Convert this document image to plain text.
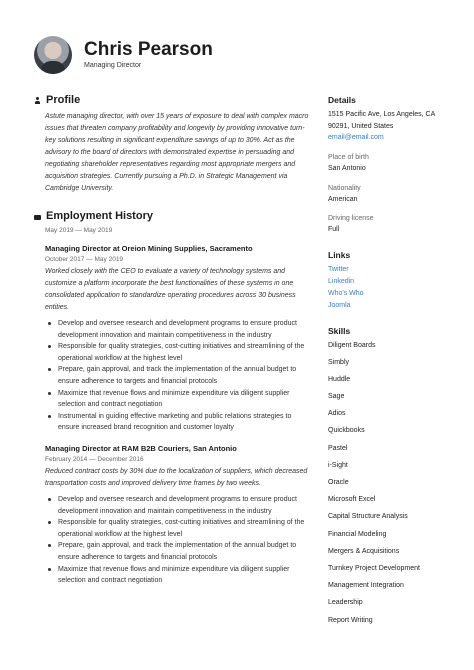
Chris Pearson
Managing Director
Profile

Astute managing director, with over 15 years of exposure to deal with complex macro issues that threaten company profitability and longevity by providing innovative turn-key solutions resulting in significant expenditure savings of up to 30%. Act as the advisory to the board of directors with demonstrated expertise in persuading and negotiating shareholder representatives regarding most appropriate mergers and acquisition strategies. Currently pursuing a Ph.D. in Strategic Management via Cambridge University.

Employment History
May 2019 — May 2019
Managing Director at Oreion Mining Supplies, Sacramento
October 2017 — May 2019

Worked closely with the CEO to evaluate a variety of technology systems and customize a platform incorporate the best functionalities of these systems in one consolidated application to standardize operating procedures across 30 business entities.

Develop and oversee research and development programs to ensure product development innovation and maintain competitiveness in the industry
Responsible for quality strategies, cost-cutting initiatives and streamlining of the operational workflow at the highest level
Prepare, gain approval, and track the implementation of the annual budget to ensure adherence to targets and financial protocols
Maximize that revenue flows and minimize expenditure via diligent supplier selection and contract negotiation
Instrumental in guiding effective marketing and public relations strategies to ensure increased brand recognition and customer loyalty
Managing Director at RAM B2B Couriers, San Antonio
February 2014 — December 2016

Reduced contract costs by 30% due to the localization of suppliers, which decreased transportation costs and improved delivery time frames by two weeks.

Develop and oversee research and development programs to ensure product development innovation and maintain competitiveness in the industry
Responsible for quality strategies, cost-cutting initiatives and streamlining of the operational workflow at the highest level
Prepare, gain approval, and track the implementation of the annual budget to ensure adherence to targets and financial protocols
Maximize that revenue flows and minimize expenditure via diligent supplier selection and contract negotiation
Details
1515 Pacific Ave, Los Angeles, CA 90291, United States
email@email.com
Place of birth
San Antonio
Nationality
American
Driving license
Full
Links
Twitter
Linkedin
Who's Who
Joomla
Skills
Diligent Boards
Simbly
Huddle
Sage
Adios
Quickbooks
Pastel
i-Sight
Oracle
Microsoft Excel
Capital Structure Analysis
Financial Modeling
Mergers & Acquisitions
Turnkey Project Development
Management Integration
Leadership
Report Writing
